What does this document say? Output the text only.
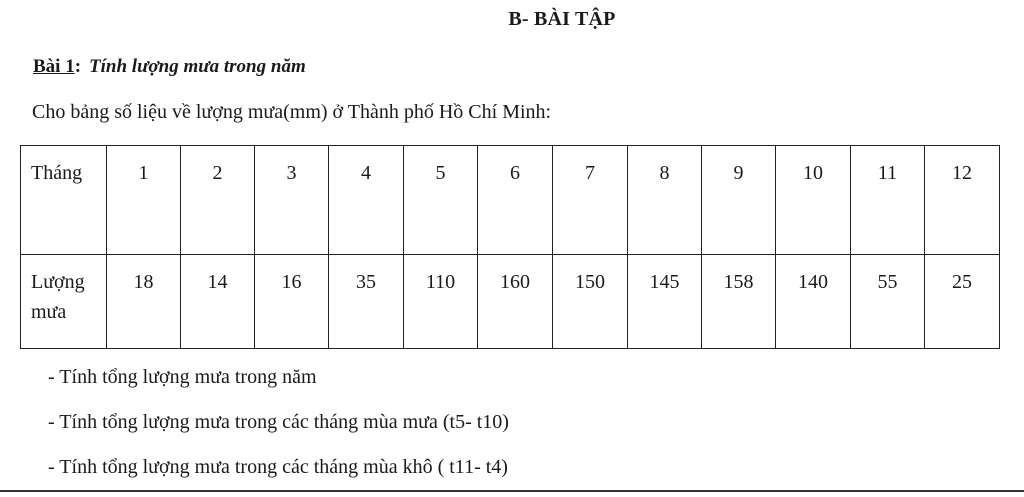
B- BÀI TẬP
Bài 1: Tính lượng mưa trong năm
Cho bảng số liệu về lượng mưa(mm) ở Thành phố Hồ Chí Minh:
Tháng	1	2	3	4	5	6	7	8	9	10	11	12

Lượng
mưa	18	14	16	35	110	160	150	145	158	140	55	25
- Tính tổng lượng mưa trong năm
- Tính tổng lượng mưa trong các tháng mùa mưa (t5- t10)
- Tính tổng lượng mưa trong các tháng mùa khô ( t11- t4)
